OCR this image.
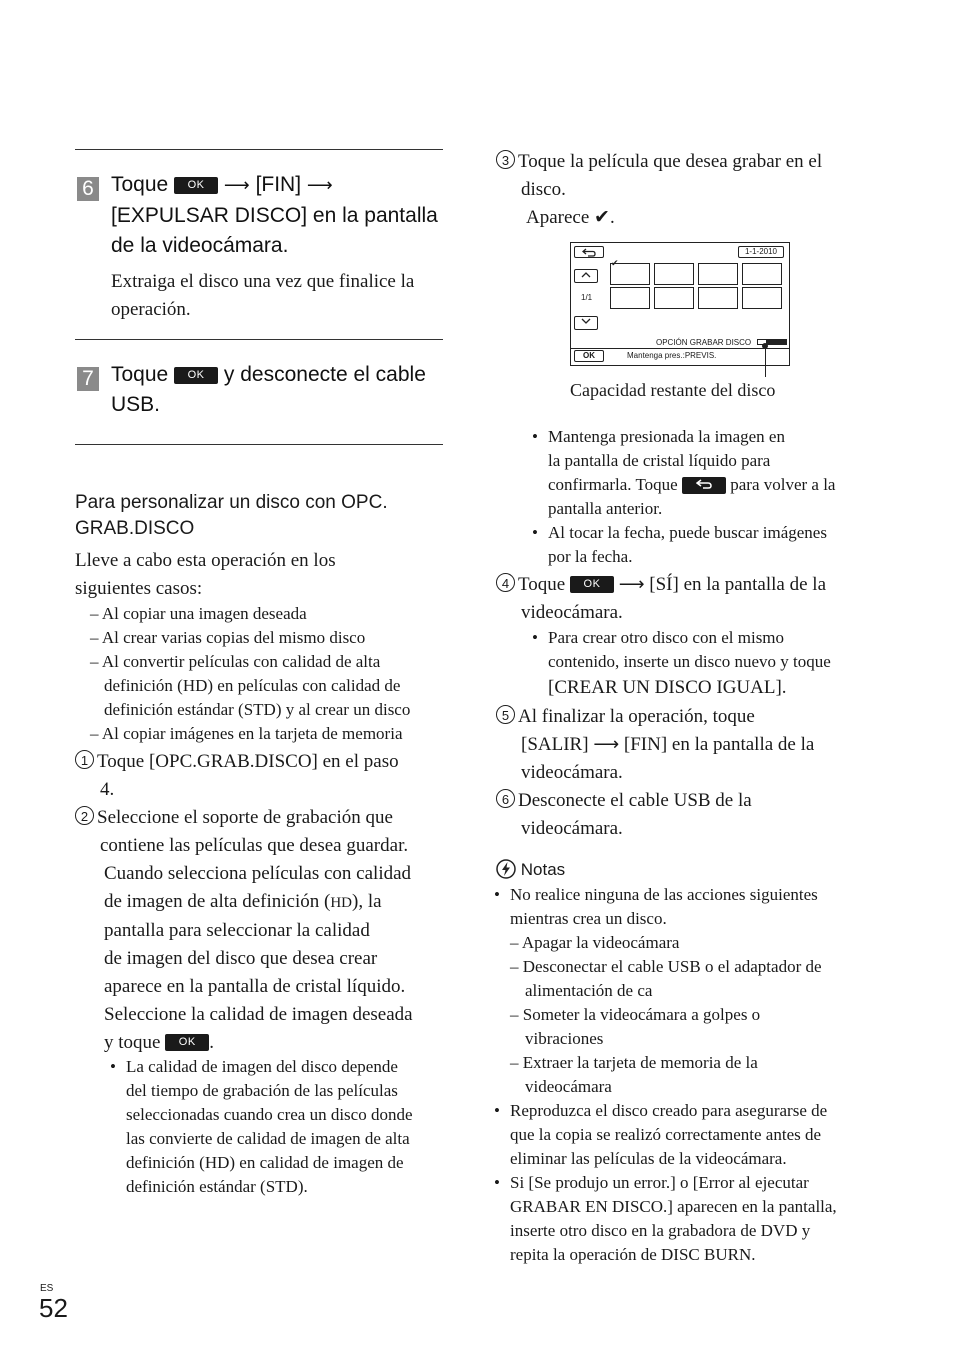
6 Toque OK ⟶ [FIN] ⟶
[EXPULSAR DISCO] en la pantalla
de la videocámara.
Extraiga el disco una vez que finalice la
operación.
7 Toque OK y desconecte el cable
USB.
Para personalizar un disco con OPC.
GRAB.DISCO
Lleve a cabo esta operación en los
siguientes casos:
– Al copiar una imagen deseada
– Al crear varias copias del mismo disco
– Al convertir películas con calidad de alta
definición (HD) en películas con calidad de
definición estándar (STD) y al crear un disco
– Al copiar imágenes en la tarjeta de memoria
1 Toque [OPC.GRAB.DISCO] en el paso
4.
2 Seleccione el soporte de grabación que
contiene las películas que desea guardar.
Cuando selecciona películas con calidad
de imagen de alta definición (HD), la
pantalla para seleccionar la calidad
de imagen del disco que desea crear
aparece en la pantalla de cristal líquido.
Seleccione la calidad de imagen deseada
y toque OK .
• La calidad de imagen del disco depende
del tiempo de grabación de las películas
seleccionadas cuando crea un disco donde
las convierte de calidad de imagen de alta
definición (HD) en calidad de imagen de
definición estándar (STD).
3 Toque la película que desea grabar en el
disco.
Aparece ✔.
1-1-2010
1/1
✔
OPCIÓN GRABAR DISCO
OK	Mantenga pres.:PREVIS.
Capacidad restante del disco
• Mantenga presionada la imagen en
la pantalla de cristal líquido para
confirmarla. Toque	para volver a la
pantalla anterior.
• Al tocar la fecha, puede buscar imágenes
por la fecha.
4 Toque OK ⟶ [SÍ] en la pantalla de la
videocámara.
• Para crear otro disco con el mismo
contenido, inserte un disco nuevo y toque
[CREAR UN DISCO IGUAL].
5 Al finalizar la operación, toque
[SALIR] ⟶ [FIN] en la pantalla de la
videocámara.
6 Desconecte el cable USB de la
videocámara.
Notas
• No realice ninguna de las acciones siguientes
mientras crea un disco.
– Apagar la videocámara
– Desconectar el cable USB o el adaptador de
alimentación de ca
– Someter la videocámara a golpes o
vibraciones
– Extraer la tarjeta de memoria de la
videocámara
• Reproduzca el disco creado para asegurarse de
que la copia se realizó correctamente antes de
eliminar las películas de la videocámara.
• Si [Se produjo un error.] o [Error al ejecutar
GRABAR EN DISCO.] aparecen en la pantalla,
inserte otro disco en la grabadora de DVD y
repita la operación de DISC BURN.
ES
52
